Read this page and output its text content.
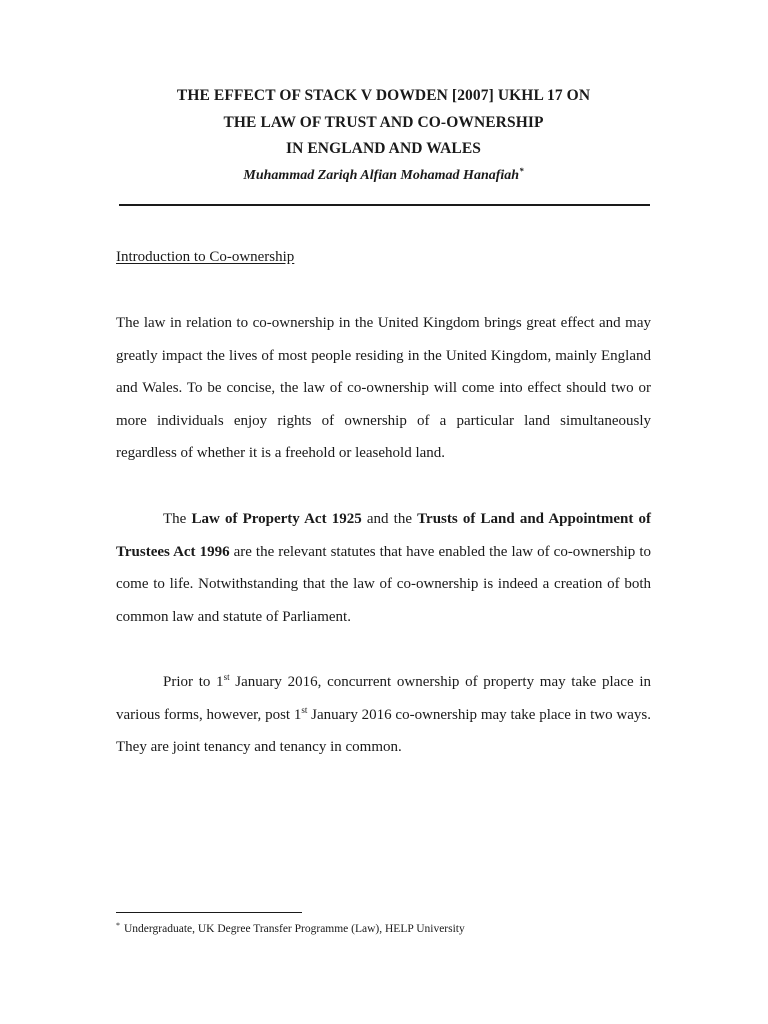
THE EFFECT OF STACK V DOWDEN [2007] UKHL 17 ON
THE LAW OF TRUST AND CO-OWNERSHIP
IN ENGLAND AND WALES
Muhammad Zariqh Alfian Mohamad Hanafiah*
Introduction to Co-ownership

The law in relation to co-ownership in the United Kingdom brings great effect and may greatly impact the lives of most people residing in the United Kingdom, mainly England and Wales. To be concise, the law of co-ownership will come into effect should two or more individuals enjoy rights of ownership of a particular land simultaneously regardless of whether it is a freehold or leasehold land.

The Law of Property Act 1925 and the Trusts of Land and Appointment of Trustees Act 1996 are the relevant statutes that have enabled the law of co-ownership to come to life. Notwithstanding that the law of co-ownership is indeed a creation of both common law and statute of Parliament.

Prior to 1st January 2016, concurrent ownership of property may take place in various forms, however, post 1st January 2016 co-ownership may take place in two ways. They are joint tenancy and tenancy in common.

* Undergraduate, UK Degree Transfer Programme (Law), HELP University
